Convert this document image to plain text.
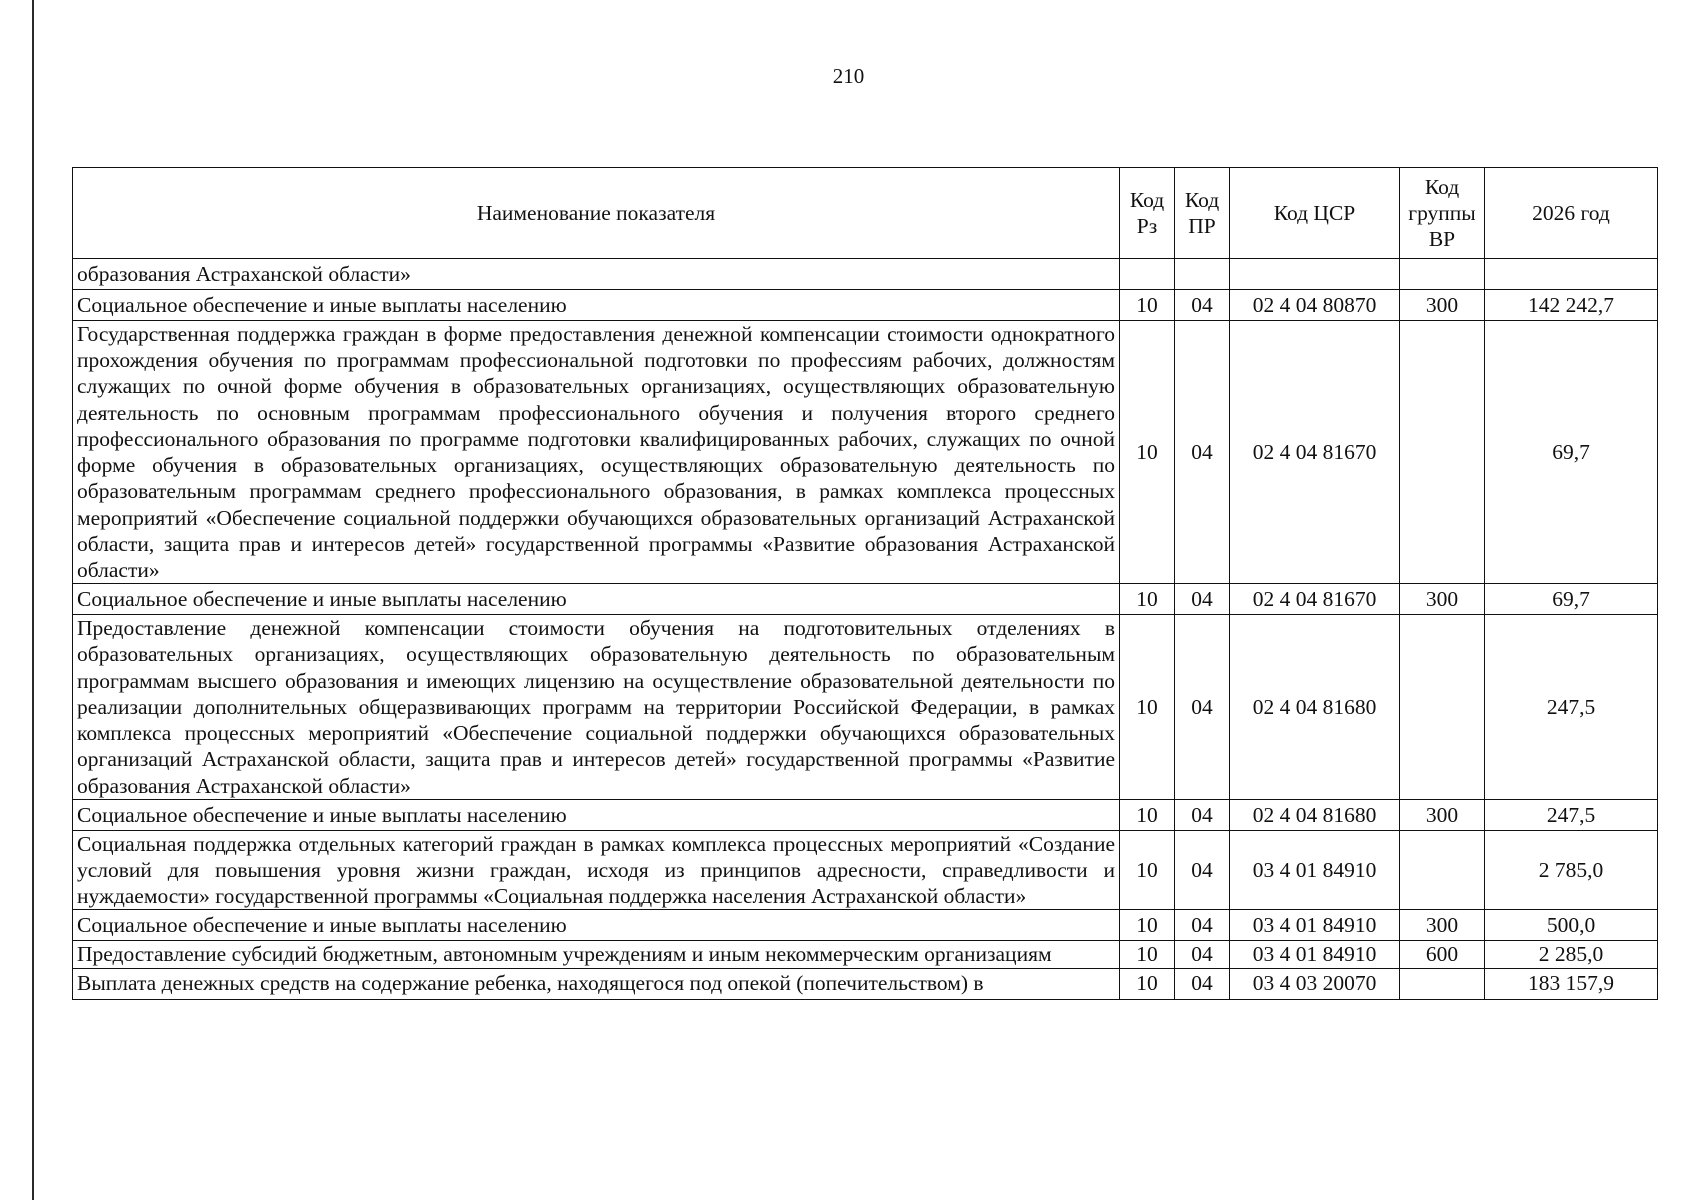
210
Наименование показателя	Код Рз	Код ПР	Код ЦСР	Код группы ВР	2026 год
образования Астраханской области»					
Социальное обеспечение и иные выплаты населению	10	04	02 4 04 80870	300	142 242,7
Государственная поддержка граждан в форме предоставления денежной компенсации стоимости однократного прохождения обучения по программам профессиональной подготовки по профессиям рабочих, должностям служащих по очной форме обучения в образовательных организациях, осуществляющих образовательную деятельность по основным программам профессионального обучения и получения второго среднего профессионального образования по программе подготовки квалифицированных рабочих, служащих по очной форме обучения в образовательных организациях, осуществляющих образовательную деятельность по образовательным программам среднего профессионального образования, в рамках комплекса процессных мероприятий «Обеспечение социальной поддержки обучающихся образовательных организаций Астраханской области, защита прав и интересов детей» государственной программы «Развитие образования Астраханской области»	10	04	02 4 04 81670		69,7
Социальное обеспечение и иные выплаты населению	10	04	02 4 04 81670	300	69,7
Предоставление денежной компенсации стоимости обучения на подготовительных отделениях в образовательных организациях, осуществляющих образовательную деятельность по образовательным программам высшего образования и имеющих лицензию на осуществление образовательной деятельности по реализации дополнительных общеразвивающих программ на территории Российской Федерации, в рамках комплекса процессных мероприятий «Обеспечение социальной поддержки обучающихся образовательных организаций Астраханской области, защита прав и интересов детей» государственной программы «Развитие образования Астраханской области»	10	04	02 4 04 81680		247,5
Социальное обеспечение и иные выплаты населению	10	04	02 4 04 81680	300	247,5
Социальная поддержка отдельных категорий граждан в рамках комплекса процессных мероприятий «Создание условий для повышения уровня жизни граждан, исходя из принципов адресности, справедливости и нуждаемости» государственной программы «Социальная поддержка населения Астраханской области»	10	04	03 4 01 84910		2 785,0
Социальное обеспечение и иные выплаты населению	10	04	03 4 01 84910	300	500,0
Предоставление субсидий бюджетным, автономным учреждениям и иным некоммерческим организациям	10	04	03 4 01 84910	600	2 285,0
Выплата денежных средств на содержание ребенка, находящегося под опекой (попечительством) в	10	04	03 4 03 20070		183 157,9
